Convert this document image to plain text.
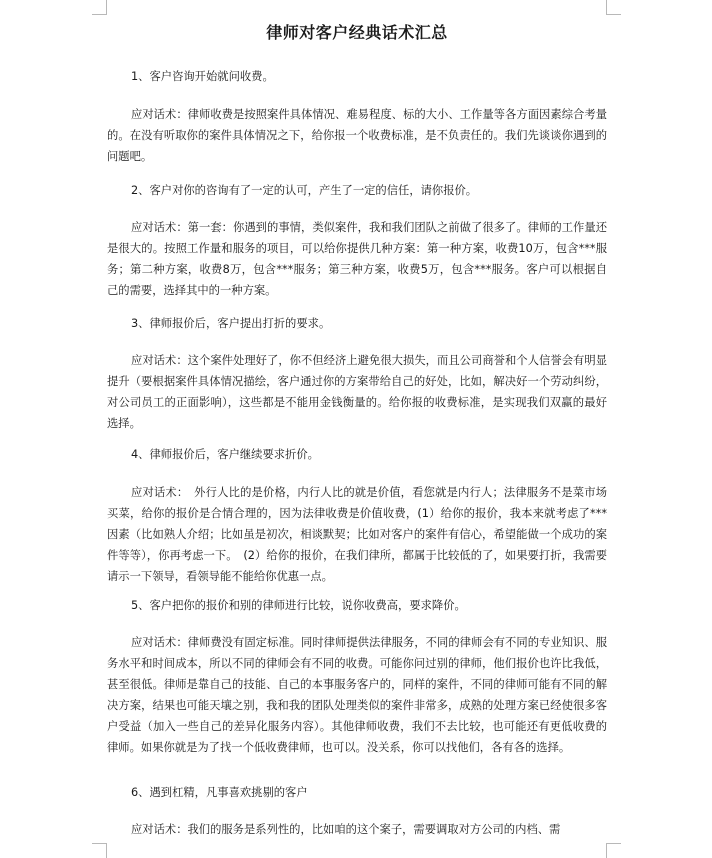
律师对客户经典话术汇总

1、客户咨询开始就问收费。

应对话术：律师收费是按照案件具体情况、难易程度、标的大小、工作量等各方面因素综合考量的。在没有听取你的案件具体情况之下，给你报一个收费标准，是不负责任的。我们先谈谈你遇到的问题吧。

2、客户对你的咨询有了一定的认可，产生了一定的信任，请你报价。

应对话术：第一套：你遇到的事情，类似案件，我和我们团队之前做了很多了。律师的工作量还是很大的。按照工作量和服务的项目，可以给你提供几种方案：第一种方案，收费10万，包含***服务；第二种方案，收费8万，包含***服务；第三种方案，收费5万，包含***服务。客户可以根据自己的需要，选择其中的一种方案。

3、律师报价后，客户提出打折的要求。

应对话术：这个案件处理好了，你不但经济上避免很大损失，而且公司商誉和个人信誉会有明显提升（要根据案件具体情况描绘，客户通过你的方案带给自己的好处，比如，解决好一个劳动纠纷，对公司员工的正面影响），这些都是不能用金钱衡量的。给你报的收费标准，是实现我们双赢的最好选择。

4、律师报价后，客户继续要求折价。

应对话术：　外行人比的是价格，内行人比的就是价值，看您就是内行人；法律服务不是菜市场买菜，给你的报价是合情合理的，因为法律收费是价值收费，(1）给你的报价，我本来就考虑了***因素（比如熟人介绍；比如虽是初次，相谈默契；比如对客户的案件有信心，希望能做一个成功的案件等等），你再考虑一下。　(2）给你的报价，在我们律所，都属于比较低的了，如果要打折，我需要请示一下领导，看领导能不能给你优惠一点。

5、客户把你的报价和别的律师进行比较，说你收费高，要求降价。

应对话术：律师费没有固定标准。同时律师提供法律服务，不同的律师会有不同的专业知识、服务水平和时间成本，所以不同的律师会有不同的收费。可能你问过别的律师，他们报价也许比我低，甚至很低。律师是靠自己的技能、自己的本事服务客户的，同样的案件，不同的律师可能有不同的解决方案，结果也可能天壤之别，我和我的团队处理类似的案件非常多，成熟的处理方案已经使很多客户受益（加入一些自己的差异化服务内容）。其他律师收费，我们不去比较，也可能还有更低收费的律师。如果你就是为了找一个低收费律师，也可以。没关系，你可以找他们，各有各的选择。

6、遇到杠精，凡事喜欢挑剔的客户

应对话术：我们的服务是系列性的，比如咱的这个案子，需要调取对方公司的内档、需
